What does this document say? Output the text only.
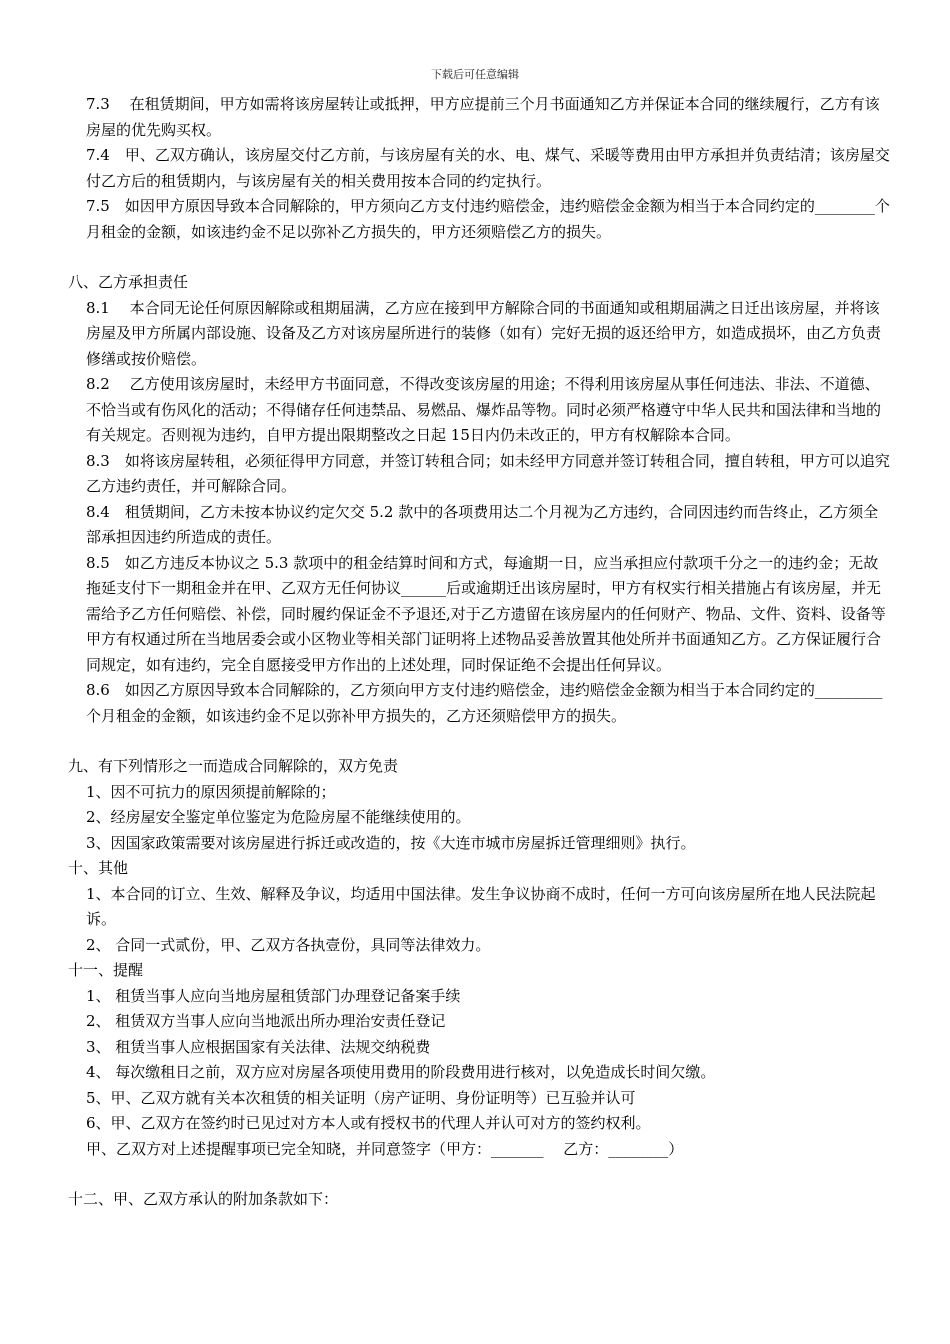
下载后可任意编辑

7.3　 在租赁期间，甲方如需将该房屋转让或抵押，甲方应提前三个月书面通知乙方并保证本合同的继续履行，乙方有该房屋的优先购买权。

7.4　甲、乙双方确认，该房屋交付乙方前，与该房屋有关的水、电、煤气、采暖等费用由甲方承担并负责结清；该房屋交付乙方后的租赁期内，与该房屋有关的相关费用按本合同的约定执行。

7.5　如因甲方原因导致本合同解除的，甲方须向乙方支付违约赔偿金，违约赔偿金金额为相当于本合同约定的________个月租金的金额，如该违约金不足以弥补乙方损失的，甲方还须赔偿乙方的损失。

八、乙方承担责任

8.1　 本合同无论任何原因解除或租期届满，乙方应在接到甲方解除合同的书面通知或租期届满之日迁出该房屋，并将该房屋及甲方所属内部设施、设备及乙方对该房屋所进行的装修（如有）完好无损的返还给甲方，如造成损坏，由乙方负责修缮或按价赔偿。

8.2　 乙方使用该房屋时，未经甲方书面同意，不得改变该房屋的用途；不得利用该房屋从事任何违法、非法、不道德、不恰当或有伤风化的活动；不得储存任何违禁品、易燃品、爆炸品等物。同时必须严格遵守中华人民共和国法律和当地的有关规定。否则视为违约，自甲方提出限期整改之日起 15日内仍未改正的，甲方有权解除本合同。

8.3　如将该房屋转租，必须征得甲方同意，并签订转租合同；如未经甲方同意并签订转租合同，擅自转租，甲方可以追究乙方违约责任，并可解除合同。

8.4　租赁期间，乙方未按本协议约定欠交 5.2 款中的各项费用达二个月视为乙方违约，合同因违约而告终止，乙方须全部承担因违约所造成的责任。

8.5　如乙方违反本协议之 5.3 款项中的租金结算时间和方式，每逾期一日，应当承担应付款项千分之一的违约金；无故拖延支付下一期租金并在甲、乙双方无任何协议______后或逾期迁出该房屋时，甲方有权实行相关措施占有该房屋，并无需给予乙方任何赔偿、补偿，同时履约保证金不予退还,对于乙方遗留在该房屋内的任何财产、物品、文件、资料、设备等甲方有权通过所在当地居委会或小区物业等相关部门证明将上述物品妥善放置其他处所并书面通知乙方。乙方保证履行合同规定，如有违约，完全自愿接受甲方作出的上述处理，同时保证绝不会提出任何异议。

8.6　如因乙方原因导致本合同解除的，乙方须向甲方支付违约赔偿金，违约赔偿金金额为相当于本合同约定的_________个月租金的金额，如该违约金不足以弥补甲方损失的，乙方还须赔偿甲方的损失。

九、有下列情形之一而造成合同解除的，双方免责

1、因不可抗力的原因须提前解除的；

2、经房屋安全鉴定单位鉴定为危险房屋不能继续使用的。

3、因国家政策需要对该房屋进行拆迁或改造的，按《大连市城市房屋拆迁管理细则》执行。

十、其他

1、本合同的订立、生效、解释及争议，均适用中国法律。发生争议协商不成时，任何一方可向该房屋所在地人民法院起诉。

2、 合同一式贰份，甲、乙双方各执壹份，具同等法律效力。

十一、提醒

1、 租赁当事人应向当地房屋租赁部门办理登记备案手续

2、 租赁双方当事人应向当地派出所办理治安责任登记

3、 租赁当事人应根据国家有关法律、法规交纳税费

4、 每次缴租日之前，双方应对房屋各项使用费用的阶段费用进行核对，以免造成长时间欠缴。

5、甲、乙双方就有关本次租赁的相关证明（房产证明、身份证明等）已互验并认可

6、甲、乙双方在签约时已见过对方本人或有授权书的代理人并认可对方的签约权利。

甲、乙双方对上述提醒事项已完全知晓，并同意签字（甲方：_______　 乙方：________）

十二、甲、乙双方承认的附加条款如下：
